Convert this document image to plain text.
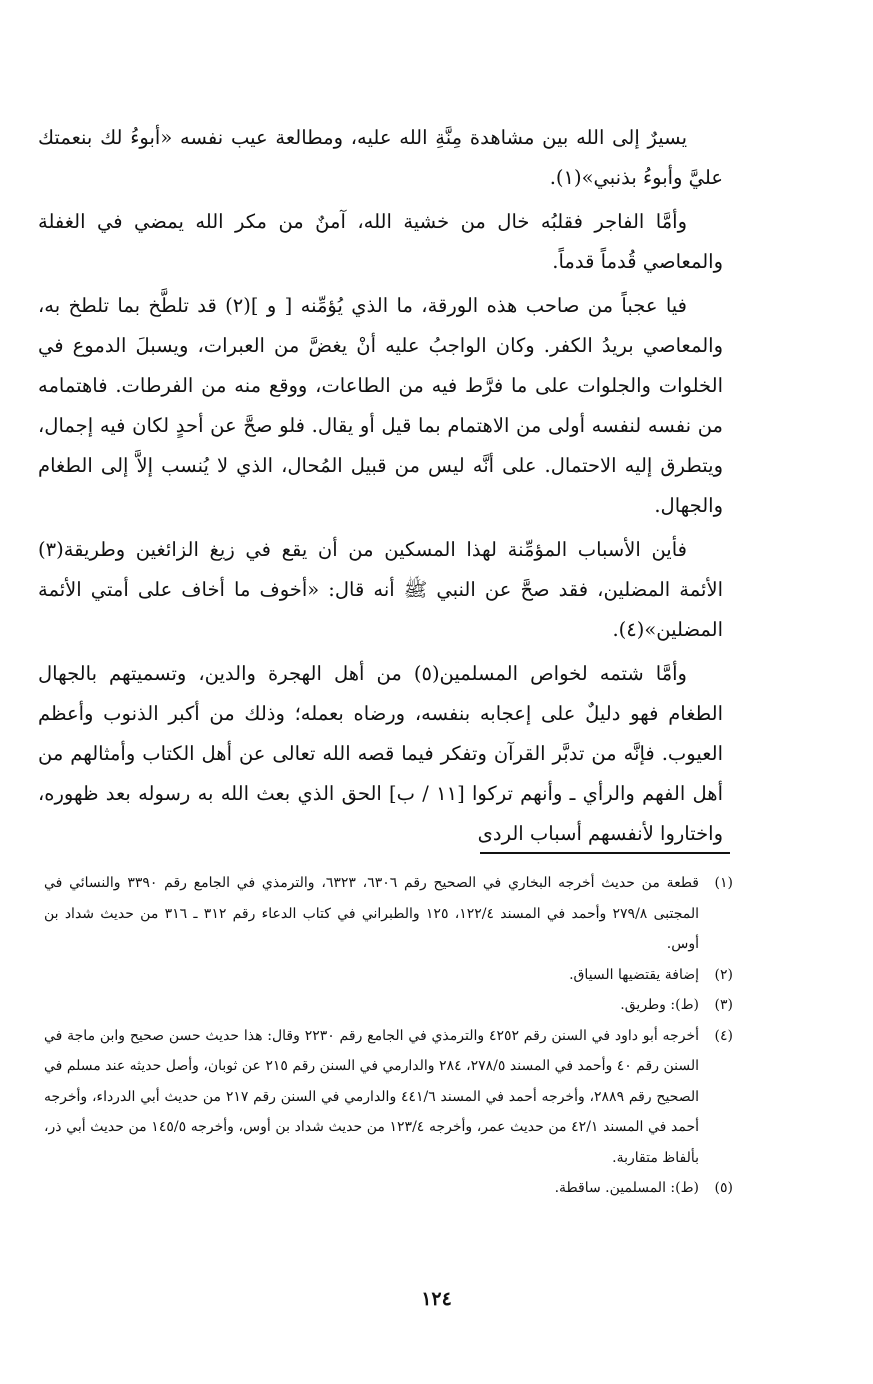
يسيرٌ إلى الله بين مشاهدة مِنَّةِ الله عليه، ومطالعة عيب نفسه «أبوءُ لك بنعمتك عليَّ وأبوءُ بذنبي»(١).

وأمَّا الفاجر فقلبُه خال من خشية الله، آمنٌ من مكر الله يمضي في الغفلة والمعاصي قُدماً قدماً.

فيا عجباً من صاحب هذه الورقة، ما الذي يُؤمِّنه [ و ](٢) قد تلطَّخ بما تلطخ به، والمعاصي بريدُ الكفر. وكان الواجبُ عليه أنْ يغضَّ من العبرات، ويسبلَ الدموع في الخلوات والجلوات على ما فرَّط فيه من الطاعات، ووقع منه من الفرطات. فاهتمامه من نفسه لنفسه أولى من الاهتمام بما قيل أو يقال. فلو صحَّ عن أحدٍ لكان فيه إجمال، ويتطرق إليه الاحتمال. على أنَّه ليس من قبيل المُحال، الذي لا يُنسب إلاَّ إلى الطغام والجهال.

فأين الأسباب المؤمِّنة لهذا المسكين من أن يقع في زيغ الزائغين وطريقة(٣) الأئمة المضلين، فقد صحَّ عن النبي ﷺ أنه قال: «أخوف ما أخاف على أمتي الأئمة المضلين»(٤).

وأمَّا شتمه لخواص المسلمين(٥) من أهل الهجرة والدين، وتسميتهم بالجهال الطغام فهو دليلٌ على إعجابه بنفسه، ورضاه بعمله؛ وذلك من أكبر الذنوب وأعظم العيوب. فإنَّه من تدبَّر القرآن وتفكر فيما قصه الله تعالى عن أهل الكتاب وأمثالهم من أهل الفهم والرأي ـ وأنهم تركوا [١١ / ب] الحق الذي بعث الله به رسوله بعد ظهوره، واختاروا لأنفسهم أسباب الردى

(١)
قطعة من حديث أخرجه البخاري في الصحيح رقم ٦٣٠٦، ٦٣٢٣، والترمذي في الجامع رقم ٣٣٩٠ والنسائي في المجتبى ٢٧٩/٨ وأحمد في المسند ١٢٢/٤، ١٢٥ والطبراني في كتاب الدعاء رقم ٣١٢ ـ ٣١٦ من حديث شداد بن أوس.

(٢)
إضافة يقتضيها السياق.

(٣)
(ط): وطريق.

(٤)
أخرجه أبو داود في السنن رقم ٤٢٥٢ والترمذي في الجامع رقم ٢٢٣٠ وقال: هذا حديث حسن صحيح وابن ماجة في السنن رقم ٤٠ وأحمد في المسند ٢٧٨/٥، ٢٨٤ والدارمي في السنن رقم ٢١٥ عن ثوبان، وأصل حديثه عند مسلم في الصحيح رقم ٢٨٨٩، وأخرجه أحمد في المسند ٤٤١/٦ والدارمي في السنن رقم ٢١٧ من حديث أبي الدرداء، وأخرجه أحمد في المسند ٤٢/١ من حديث عمر، وأخرجه ١٢٣/٤ من حديث شداد بن أوس، وأخرجه ١٤٥/٥ من حديث أبي ذر، بألفاظ متقاربة.

(٥)
(ط): المسلمين. ساقطة.

١٢٤
